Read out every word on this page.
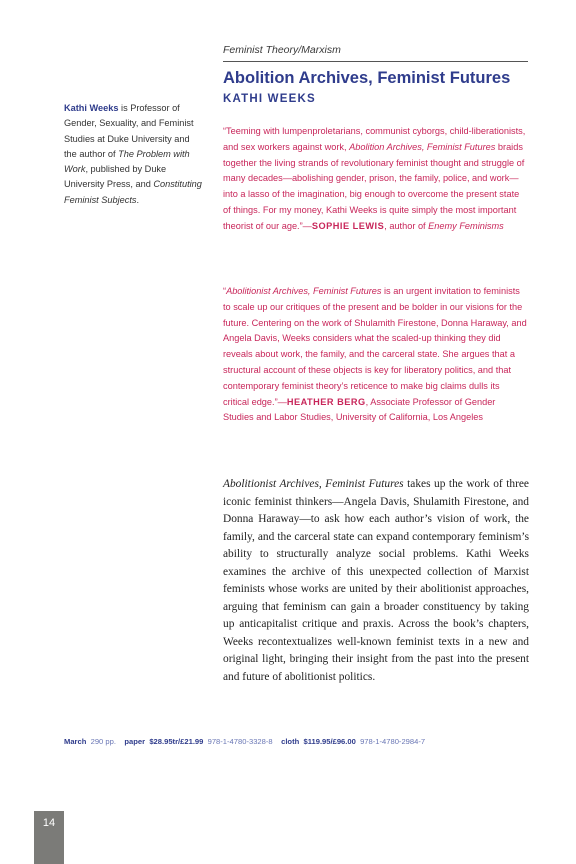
Feminist Theory/Marxism
Abolition Archives, Feminist Futures
KATHI WEEKS
Kathi Weeks is Professor of Gender, Sexuality, and Feminist Studies at Duke University and the author of The Problem with Work, published by Duke University Press, and Constituting Feminist Subjects.
“Teeming with lumpenproletarians, communist cyborgs, child-liberationists, and sex workers against work, Abolition Archives, Feminist Futures braids together the living strands of revolutionary feminist thought and struggle of many decades—abolishing gender, prison, the family, police, and work—into a lasso of the imagination, big enough to overcome the present state of things. For my money, Kathi Weeks is quite simply the most important theorist of our age.”—SOPHIE LEWIS, author of Enemy Feminisms
“Abolitionist Archives, Feminist Futures is an urgent invitation to feminists to scale up our critiques of the present and be bolder in our visions for the future. Centering on the work of Shulamith Firestone, Donna Haraway, and Angela Davis, Weeks considers what the scaled-up thinking they did reveals about work, the family, and the carceral state. She argues that a structural account of these objects is key for liberatory politics, and that contemporary feminist theory’s reticence to make big claims dulls its critical edge.”—HEATHER BERG, Associate Professor of Gender Studies and Labor Studies, University of California, Los Angeles
Abolitionist Archives, Feminist Futures takes up the work of three iconic feminist thinkers—Angela Davis, Shulamith Firestone, and Donna Haraway—to ask how each author’s vision of work, the family, and the carceral state can expand contemporary feminism’s ability to structurally analyze social problems. Kathi Weeks examines the archive of this unexpected collection of Marxist feminists whose works are united by their abolitionist approaches, arguing that feminism can gain a broader constituency by taking up anticapitalist critique and praxis. Across the book’s chapters, Weeks recontextualizes well-known feminist texts in a new and original light, bringing their insight from the past into the present and future of abolitionist politics.
March 290 pp. paper $28.95tr/£21.99 978-1-4780-3328-8 cloth $119.95/£96.00 978-1-4780-2984-7
14
